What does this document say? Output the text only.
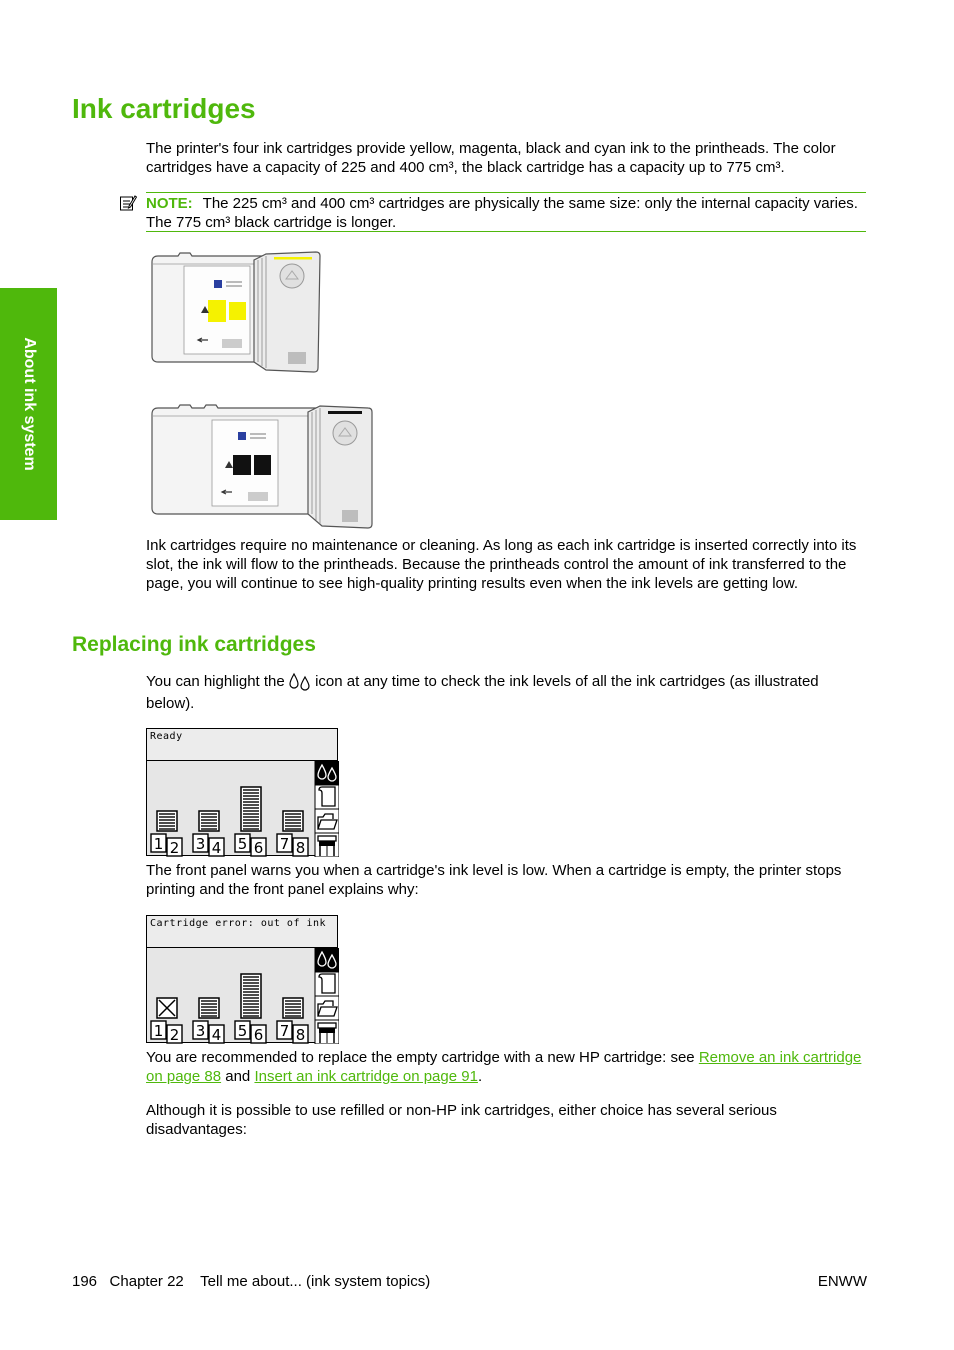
About ink system
Ink cartridges

The printer's four ink cartridges provide yellow, magenta, black and cyan ink to the printheads. The color cartridges have a capacity of 225 and 400 cm³, the black cartridge has a capacity up to 775 cm³.

NOTE: The 225 cm³ and 400 cm³ cartridges are physically the same size: only the internal capacity varies. The 775 cm³ black cartridge is longer.

Ink cartridges require no maintenance or cleaning. As long as each ink cartridge is inserted correctly into its slot, the ink will flow to the printheads. Because the printheads control the amount of ink transferred to the page, you will continue to see high-quality printing results even when the ink levels are getting low.

Replacing ink cartridges

You can highlight the icon at any time to check the ink levels of all the ink cartridges (as illustrated below).

Ready
1 2 3 4 5 6 7 8

The front panel warns you when a cartridge's ink level is low. When a cartridge is empty, the printer stops printing and the front panel explains why:

Cartridge error: out of ink
1 2 3 4 5 6 7 8

You are recommended to replace the empty cartridge with a new HP cartridge: see Remove an ink cartridge on page 88 and Insert an ink cartridge on page 91.

Although it is possible to use refilled or non-HP ink cartridges, either choice has several serious disadvantages:

196 Chapter 22 Tell me about... (ink system topics)	ENWW
